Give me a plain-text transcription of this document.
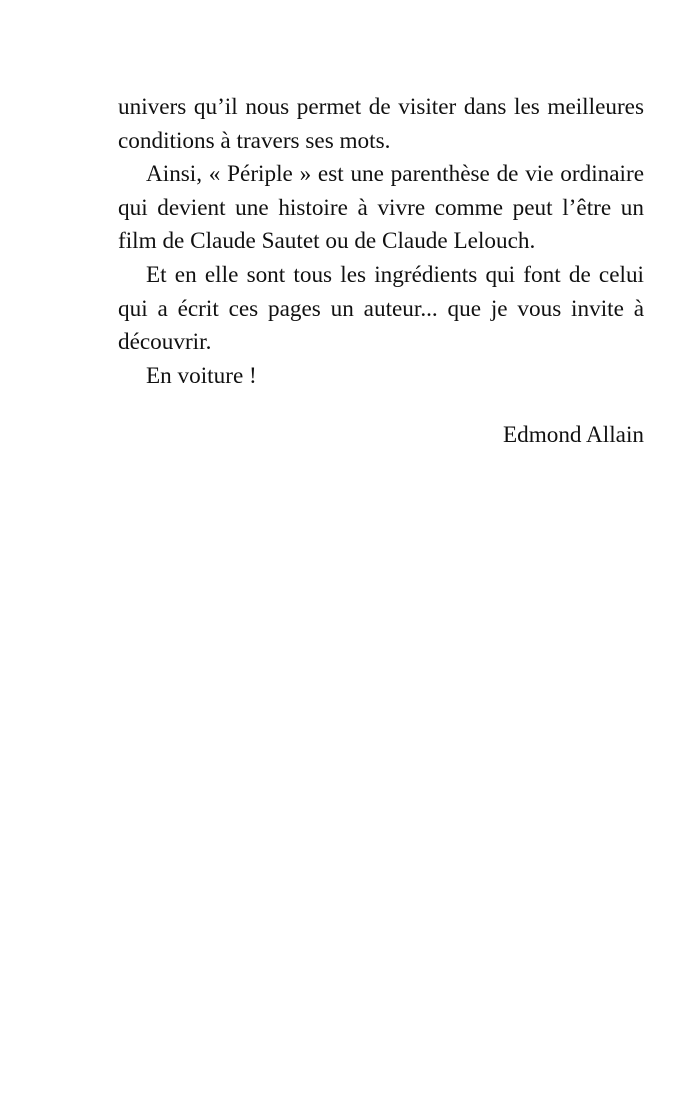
univers qu’il nous permet de visiter dans les meilleures conditions à travers ses mots.

Ainsi, « Périple » est une parenthèse de vie ordinaire qui devient une histoire à vivre comme peut l’être un film de Claude Sautet ou de Claude Lelouch.

Et en elle sont tous les ingrédients qui font de celui qui a écrit ces pages un auteur... que je vous invite à découvrir.

En voiture !

Edmond Allain
